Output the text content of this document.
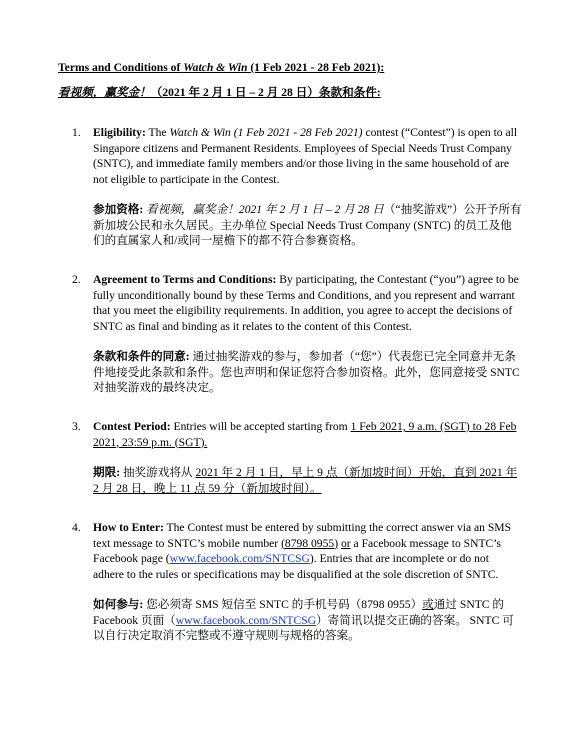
Terms and Conditions of Watch & Win (1 Feb 2021 - 28 Feb 2021):
看视频，赢奖金！（2021 年 2 月 1 日 – 2 月 28 日）条款和条件:
1.	Eligibility: The Watch & Win (1 Feb 2021 - 28 Feb 2021) contest (“Contest”) is open to all Singapore citizens and Permanent Residents. Employees of Special Needs Trust Company (SNTC), and immediate family members and/or those living in the same household of are not eligible to participate in the Contest.

参加资格: 看视频，赢奖金！2021 年 2 月 1 日 – 2 月 28 日（“抽奖游戏”）公开予所有新加坡公民和永久居民。主办单位 Special Needs Trust Company (SNTC) 的员工及他们的直属家人和/或同一屋檐下的都不符合参赛资格。

2.	Agreement to Terms and Conditions: By participating, the Contestant (“you”) agree to be fully unconditionally bound by these Terms and Conditions, and you represent and warrant that you meet the eligibility requirements. In addition, you agree to accept the decisions of SNTC as final and binding as it relates to the content of this Contest.

条款和条件的同意: 通过抽奖游戏的参与，参加者（“您”）代表您已完全同意并无条件地接受此条款和条件。您也声明和保证您符合参加资格。此外，您同意接受 SNTC 对抽奖游戏的最终决定。

3.	Contest Period: Entries will be accepted starting from 1 Feb 2021, 9 a.m. (SGT) to 28 Feb 2021, 23:59 p.m. (SGT).

期限: 抽奖游戏将从 2021 年 2 月 1 日，早上 9 点（新加坡时间）开始，直到 2021 年 2 月 28 日，晚上 11 点 59 分（新加坡时间）。

4.	How to Enter: The Contest must be entered by submitting the correct answer via an SMS text message to SNTC’s mobile number (8798 0955) or a Facebook message to SNTC’s Facebook page (www.facebook.com/SNTCSG). Entries that are incomplete or do not adhere to the rules or specifications may be disqualified at the sole discretion of SNTC.

如何参与: 您必须寄 SMS 短信至 SNTC 的手机号码（8798 0955）或通过 SNTC 的 Facebook 页面（www.facebook.com/SNTCSG）寄简讯以提交正确的答案。 SNTC 可以自行决定取消不完整或不遵守规则与规格的答案。
